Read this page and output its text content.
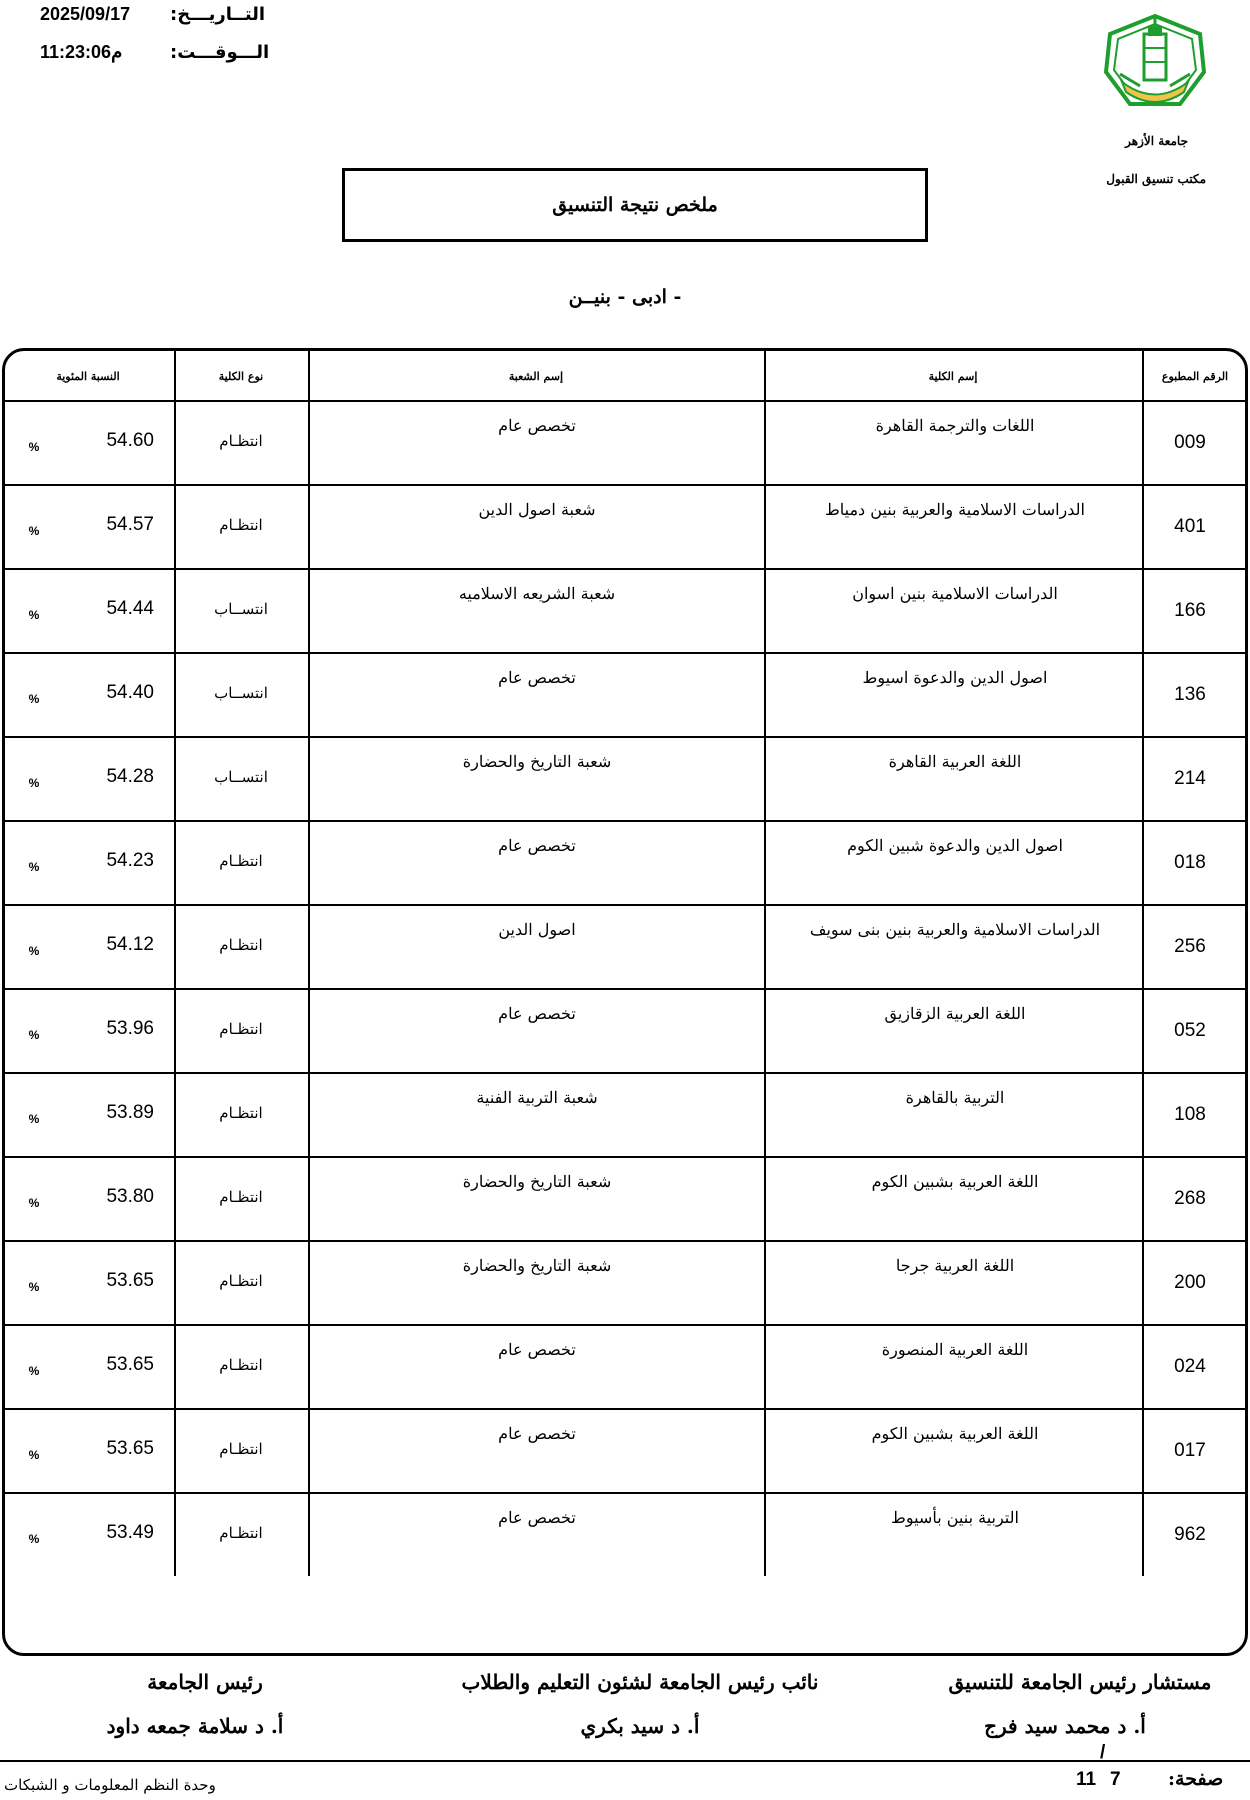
2025/09/17 التــاريـــخ:
م11:23:06	الـــوقـــت:
جامعة الأزهر
مكتب تنسيق القبول
ملخص نتيجة التنسيق
- ادبى - بنيــن
الرقم المطبوع
إسم الكلية
إسم الشعبة
نوع الكلية
النسبة المئوية
009
اللغات والترجمة القاهرة
تخصص عام
انتظـام
54.60
%
401
الدراسات الاسلامية والعربية بنين دمياط
شعبة اصول الدين
انتظـام
54.57
%
166
الدراسات الاسلامية بنين اسوان
شعبة الشريعه الاسلاميه
انتســاب
54.44
%
136
اصول الدين والدعوة اسيوط
تخصص عام
انتســاب
54.40
%
214
اللغة العربية القاهرة
شعبة التاريخ والحضارة
انتســاب
54.28
%
018
اصول الدين والدعوة شبين الكوم
تخصص عام
انتظـام
54.23
%
256
الدراسات الاسلامية والعربية بنين بنى سويف
اصول الدين
انتظـام
54.12
%
052
اللغة العربية الزقازيق
تخصص عام
انتظـام
53.96
%
108
التربية بالقاهرة
شعبة التربية الفنية
انتظـام
53.89
%
268
اللغة العربية بشبين الكوم
شعبة التاريخ والحضارة
انتظـام
53.80
%
200
اللغة العربية جرجا
شعبة التاريخ والحضارة
انتظـام
53.65
%
024
اللغة العربية المنصورة
تخصص عام
انتظـام
53.65
%
017
اللغة العربية بشبين الكوم
تخصص عام
انتظـام
53.65
%
962
التربية بنين بأسيوط
تخصص عام
انتظـام
53.49
%
مستشار رئيس الجامعة للتنسيق
أ. د محمد سيد فرج
نائب رئيس الجامعة لشئون التعليم والطلاب
أ. د سيد بكري
رئيس الجامعة
أ. د سلامة جمعه داود
/
وحدة النظم المعلومات و الشبكات	صفحة:
7
11
